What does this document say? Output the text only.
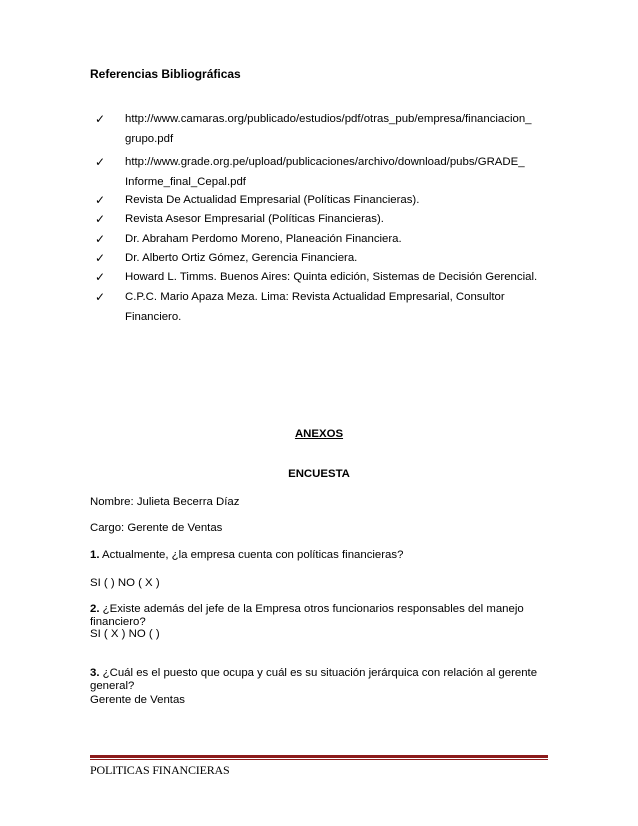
Referencias Bibliográficas
✓	http://www.camaras.org/publicado/estudios/pdf/otras_pub/empresa/financiacion_
grupo.pdf
✓	http://www.grade.org.pe/upload/publicaciones/archivo/download/pubs/GRADE_
Informe_final_Cepal.pdf
✓	Revista De Actualidad Empresarial (Políticas Financieras).
✓	Revista Asesor Empresarial (Políticas Financieras).
✓	Dr. Abraham Perdomo Moreno, Planeación Financiera.
✓	Dr. Alberto Ortiz Gómez, Gerencia Financiera.
✓	Howard L. Timms. Buenos Aires: Quinta edición, Sistemas de Decisión Gerencial.
✓	C.P.C. Mario Apaza Meza. Lima: Revista Actualidad Empresarial, Consultor
Financiero.
ANEXOS
ENCUESTA
Nombre: Julieta Becerra Díaz
Cargo: Gerente de Ventas
1. Actualmente, ¿la empresa cuenta con políticas financieras?
SI ( ) NO ( X )
2. ¿Existe además del jefe de la Empresa otros funcionarios responsables del manejo financiero?
SI ( X ) NO ( )
3. ¿Cuál es el puesto que ocupa y cuál es su situación jerárquica con relación al gerente general?
Gerente de Ventas
POLITICAS FINANCIERAS
